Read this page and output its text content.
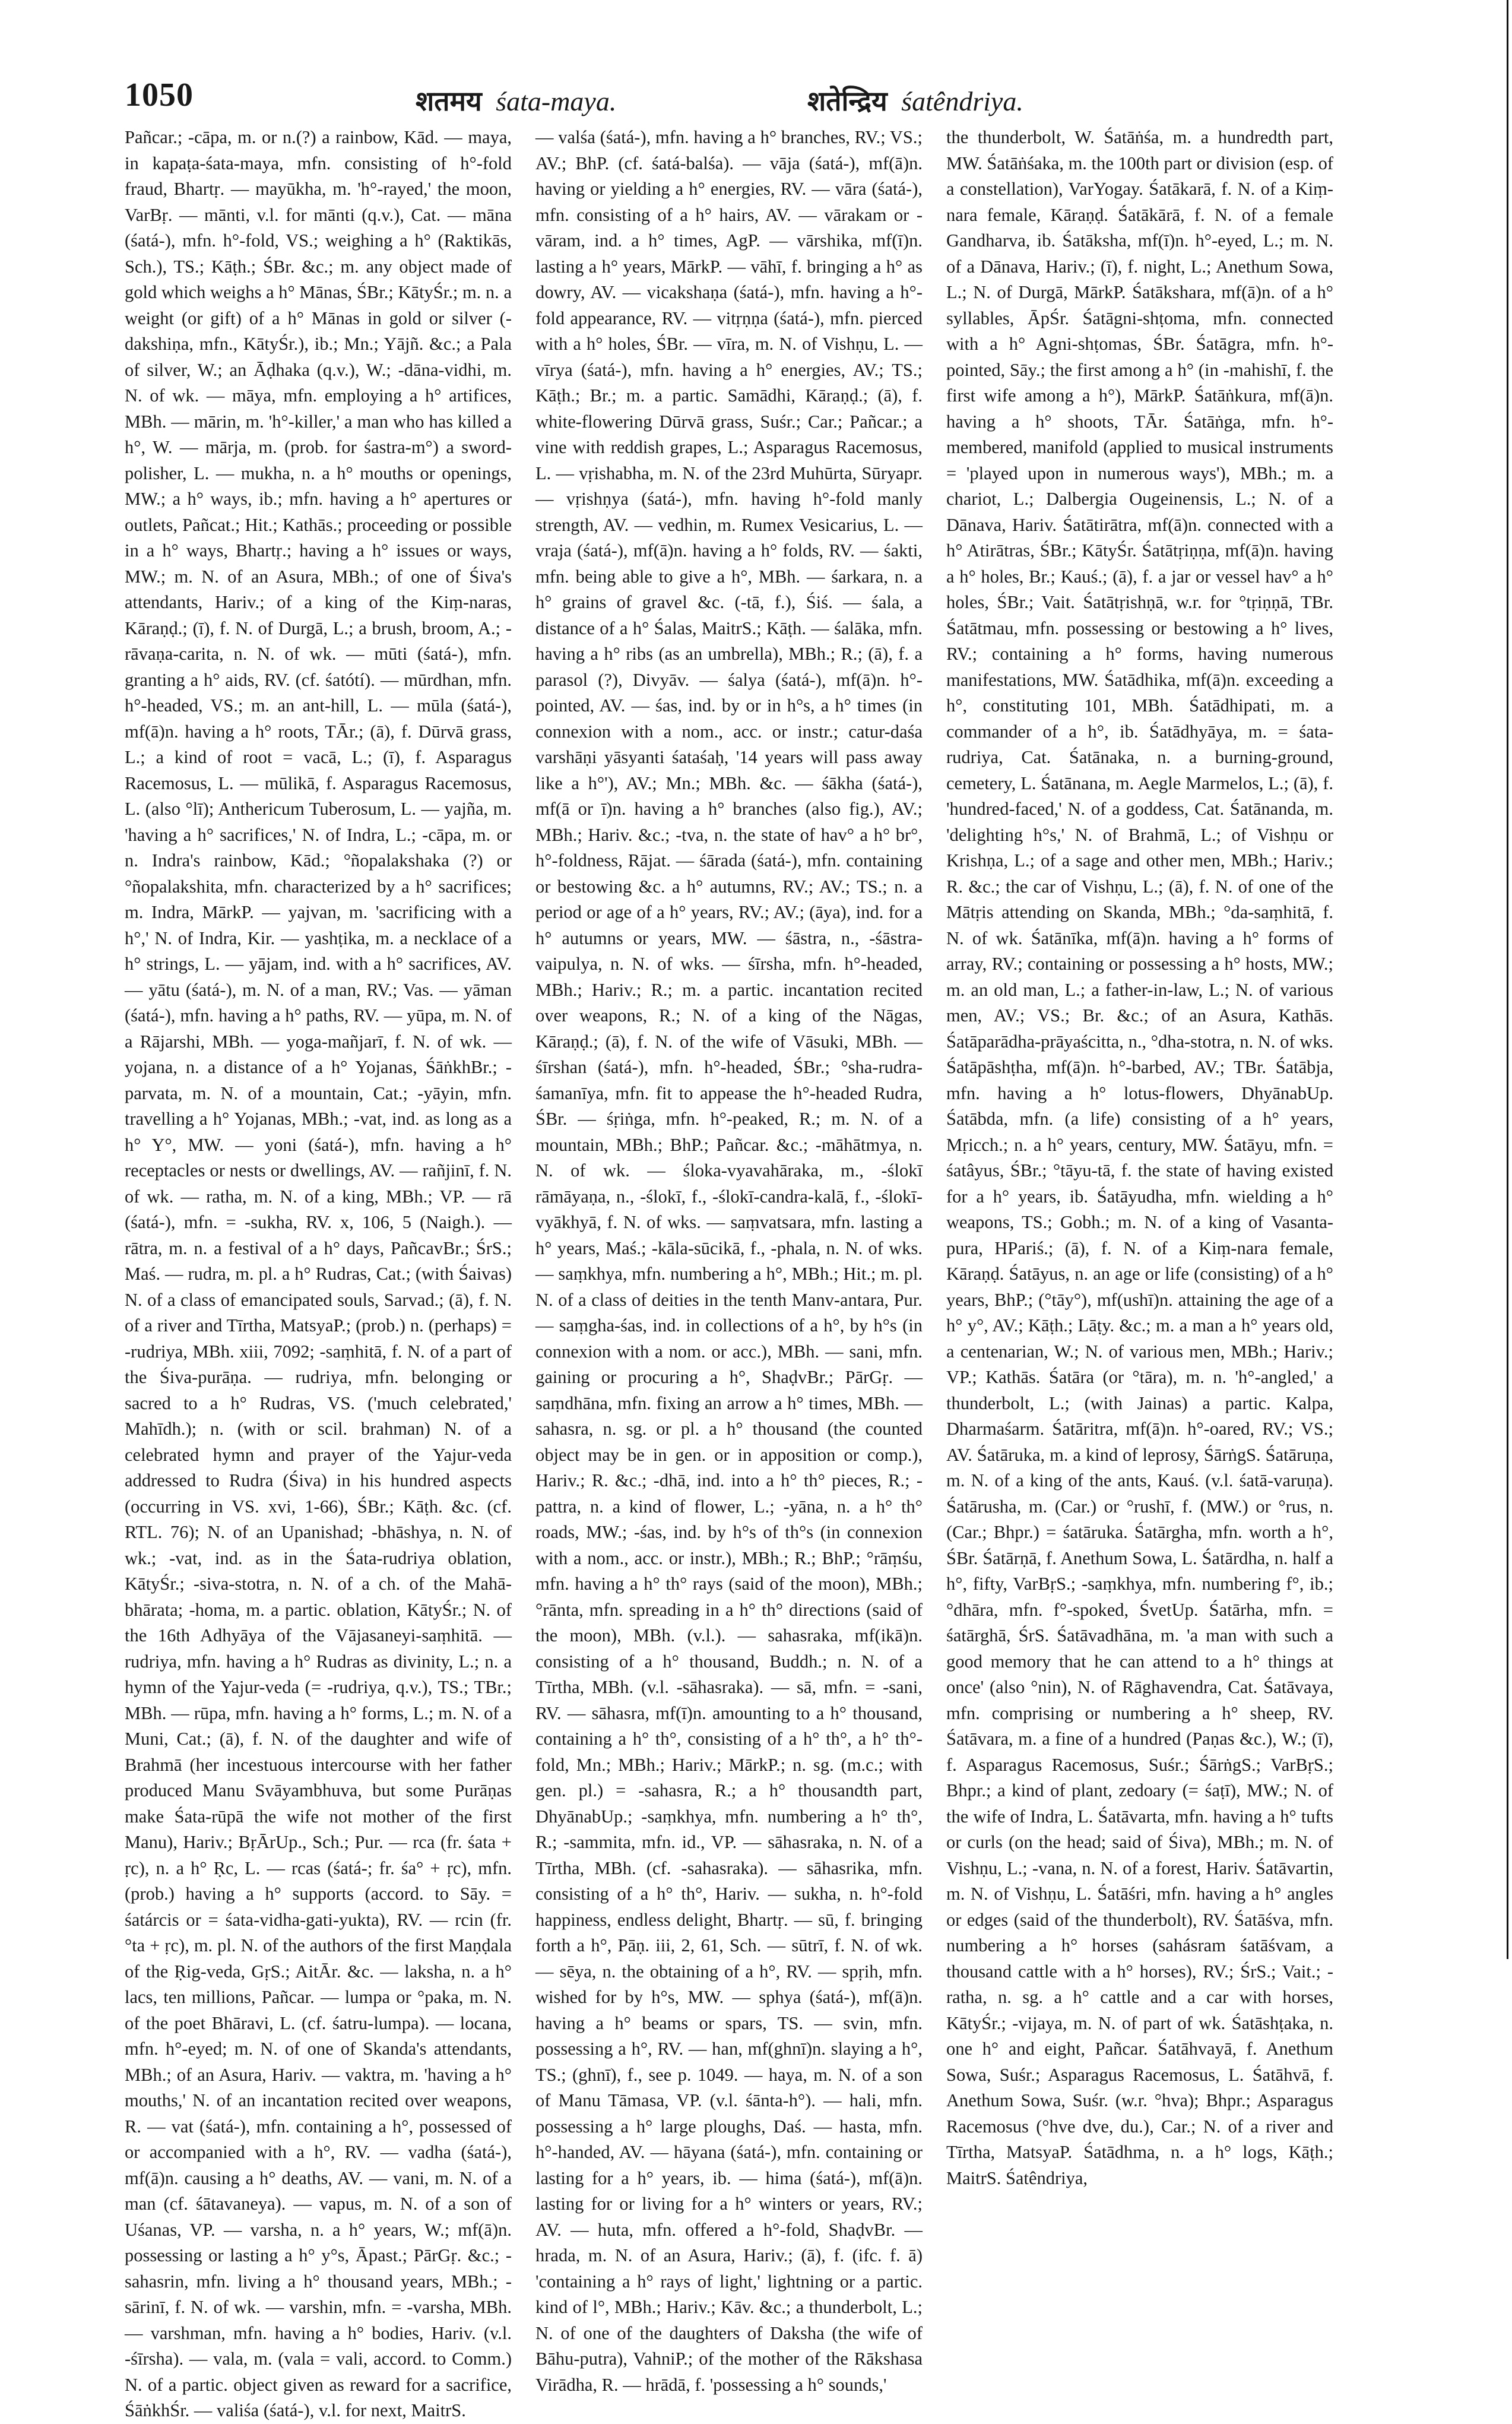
1050	शतमय śata-maya.	शतेन्द्रिय śatêndriya.

Pañcar.; -cāpa, m. or n.(?) a rainbow, Kād. — maya, in kapaṭa-śata-maya, mfn. consisting of h°-fold fraud, Bhartṛ. — mayūkha, m. 'h°-rayed,' the moon, VarBṛ. — mānti, v.l. for mānti (q.v.), Cat. — māna (śatá-), mfn. h°-fold, VS.; weighing a h° (Raktikās, Sch.), TS.; Kāṭh.; ŚBr. &c.; m. any object made of gold which weighs a h° Mānas, ŚBr.; KātyŚr.; m. n. a weight (or gift) of a h° Mānas in gold or silver (-dakshiṇa, mfn., KātyŚr.), ib.; Mn.; Yājñ. &c.; a Pala of silver, W.; an Āḍhaka (q.v.), W.; -dāna-vidhi, m. N. of wk. — māya, mfn. employing a h° artifices, MBh. — mārin, m. 'h°-killer,' a man who has killed a h°, W. — mārja, m. (prob. for śastra-m°) a sword-polisher, L. — mukha, n. a h° mouths or openings, MW.; a h° ways, ib.; mfn. having a h° apertures or outlets, Pañcat.; Hit.; Kathās.; proceeding or possible in a h° ways, Bhartṛ.; having a h° issues or ways, MW.; m. N. of an Asura, MBh.; of one of Śiva's attendants, Hariv.; of a king of the Kiṃ-naras, Kāraṇḍ.; (ī), f. N. of Durgā, L.; a brush, broom, A.; -rāvaṇa-carita, n. N. of wk. — mūti (śatá-), mfn. granting a h° aids, RV. (cf. śatótí). — mūrdhan, mfn. h°-headed, VS.; m. an ant-hill, L. — mūla (śatá-), mf(ā)n. having a h° roots, TĀr.; (ā), f. Dūrvā grass, L.; a kind of root = vacā, L.; (ī), f. Asparagus Racemosus, L. — mūlikā, f. Asparagus Racemosus, L. (also °lī); Anthericum Tuberosum, L. — yajña, m. 'having a h° sacrifices,' N. of Indra, L.; -cāpa, m. or n. Indra's rainbow, Kād.; °ñopalakshaka (?) or °ñopalakshita, mfn. characterized by a h° sacrifices; m. Indra, MārkP. — yajvan, m. 'sacrificing with a h°,' N. of Indra, Kir. — yashṭika, m. a necklace of a h° strings, L. — yājam, ind. with a h° sacrifices, AV. — yātu (śatá-), m. N. of a man, RV.; Vas. — yāman (śatá-), mfn. having a h° paths, RV. — yūpa, m. N. of a Rājarshi, MBh. — yoga-mañjarī, f. N. of wk. — yojana, n. a distance of a h° Yojanas, ŚāṅkhBr.; -parvata, m. N. of a mountain, Cat.; -yāyin, mfn. travelling a h° Yojanas, MBh.; -vat, ind. as long as a h° Y°, MW. — yoni (śatá-), mfn. having a h° receptacles or nests or dwellings, AV. — rañjinī, f. N. of wk. — ratha, m. N. of a king, MBh.; VP. — rā (śatá-), mfn. = -sukha, RV. x, 106, 5 (Naigh.). — rātra, m. n. a festival of a h° days, PañcavBr.; ŚrS.; Maś. — rudra, m. pl. a h° Rudras, Cat.; (with Śaivas) N. of a class of emancipated souls, Sarvad.; (ā), f. N. of a river and Tīrtha, MatsyaP.; (prob.) n. (perhaps) = -rudriya, MBh. xiii, 7092; -saṃhitā, f. N. of a part of the Śiva-purāṇa. — rudriya, mfn. belonging or sacred to a h° Rudras, VS. ('much celebrated,' Mahīdh.); n. (with or scil. brahman) N. of a celebrated hymn and prayer of the Yajur-veda addressed to Rudra (Śiva) in his hundred aspects (occurring in VS. xvi, 1-66), ŚBr.; Kāṭh. &c. (cf. RTL. 76); N. of an Upanishad; -bhāshya, n. N. of wk.; -vat, ind. as in the Śata-rudriya oblation, KātyŚr.; -siva-stotra, n. N. of a ch. of the Mahā-bhārata; -homa, m. a partic. oblation, KātyŚr.; N. of the 16th Adhyāya of the Vājasaneyi-saṃhitā. — rudriya, mfn. having a h° Rudras as divinity, L.; n. a hymn of the Yajur-veda (= -rudriya, q.v.), TS.; TBr.; MBh. — rūpa, mfn. having a h° forms, L.; m. N. of a Muni, Cat.; (ā), f. N. of the daughter and wife of Brahmā (her incestuous intercourse with her father produced Manu Svāyambhuva, but some Purāṇas make Śata-rūpā the wife not mother of the first Manu), Hariv.; BṛĀrUp., Sch.; Pur. — rca (fr. śata + ṛc), n. a h° Ṛc, L. — rcas (śatá-; fr. śa° + ṛc), mfn. (prob.) having a h° supports (accord. to Sāy. = śatárcis or = śata-vidha-gati-yukta), RV. — rcin (fr. °ta + ṛc), m. pl. N. of the authors of the first Maṇḍala of the Ṛig-veda, GṛS.; AitĀr. &c. — laksha, n. a h° lacs, ten millions, Pañcar. — lumpa or °paka, m. N. of the poet Bhāravi, L. (cf. śatru-lumpa). — locana, mfn. h°-eyed; m. N. of one of Skanda's attendants, MBh.; of an Asura, Hariv. — vaktra, m. 'having a h° mouths,' N. of an incantation recited over weapons, R. — vat (śatá-), mfn. containing a h°, possessed of or accompanied with a h°, RV. — vadha (śatá-), mf(ā)n. causing a h° deaths, AV. — vani, m. N. of a man (cf. śātavaneya). — vapus, m. N. of a son of Uśanas, VP. — varsha, n. a h° years, W.; mf(ā)n. possessing or lasting a h° y°s, Āpast.; PārGṛ. &c.; -sahasrin, mfn. living a h° thousand years, MBh.; -sārinī, f. N. of wk. — varshin, mfn. = -varsha, MBh. — varshman, mfn. having a h° bodies, Hariv. (v.l. -śīrsha). — vala, m. (vala = vali, accord. to Comm.) N. of a partic. object given as reward for a sacrifice, ŚāṅkhŚr. — valiśa (śatá-), v.l. for next, MaitrS.

— valśa (śatá-), mfn. having a h° branches, RV.; VS.; AV.; BhP. (cf. śatá-balśa). — vāja (śatá-), mf(ā)n. having or yielding a h° energies, RV. — vāra (śatá-), mfn. consisting of a h° hairs, AV. — vārakam or -vāram, ind. a h° times, AgP. — vārshika, mf(ī)n. lasting a h° years, MārkP. — vāhī, f. bringing a h° as dowry, AV. — vicakshaṇa (śatá-), mfn. having a h°-fold appearance, RV. — vitṛṇṇa (śatá-), mfn. pierced with a h° holes, ŚBr. — vīra, m. N. of Vishṇu, L. — vīrya (śatá-), mfn. having a h° energies, AV.; TS.; Kāṭh.; Br.; m. a partic. Samādhi, Kāraṇḍ.; (ā), f. white-flowering Dūrvā grass, Suśr.; Car.; Pañcar.; a vine with reddish grapes, L.; Asparagus Racemosus, L. — vṛishabha, m. N. of the 23rd Muhūrta, Sūryapr. — vṛishṇya (śatá-), mfn. having h°-fold manly strength, AV. — vedhin, m. Rumex Vesicarius, L. — vraja (śatá-), mf(ā)n. having a h° folds, RV. — śakti, mfn. being able to give a h°, MBh. — śarkara, n. a h° grains of gravel &c. (-tā, f.), Śiś. — śala, a distance of a h° Śalas, MaitrS.; Kāṭh. — śalāka, mfn. having a h° ribs (as an umbrella), MBh.; R.; (ā), f. a parasol (?), Divyāv. — śalya (śatá-), mf(ā)n. h°-pointed, AV. — śas, ind. by or in h°s, a h° times (in connexion with a nom., acc. or instr.; catur-daśa varshāṇi yāsyanti śataśaḥ, '14 years will pass away like a h°'), AV.; Mn.; MBh. &c. — śākha (śatá-), mf(ā or ī)n. having a h° branches (also fig.), AV.; MBh.; Hariv. &c.; -tva, n. the state of hav° a h° br°, h°-foldness, Rājat. — śārada (śatá-), mfn. containing or bestowing &c. a h° autumns, RV.; AV.; TS.; n. a period or age of a h° years, RV.; AV.; (āya), ind. for a h° autumns or years, MW. — śāstra, n., -śāstra-vaipulya, n. N. of wks. — śīrsha, mfn. h°-headed, MBh.; Hariv.; R.; m. a partic. incantation recited over weapons, R.; N. of a king of the Nāgas, Kāraṇḍ.; (ā), f. N. of the wife of Vāsuki, MBh. — śīrshan (śatá-), mfn. h°-headed, ŚBr.; °sha-rudra-śamanīya, mfn. fit to appease the h°-headed Rudra, ŚBr. — śṛiṅga, mfn. h°-peaked, R.; m. N. of a mountain, MBh.; BhP.; Pañcar. &c.; -māhātmya, n. N. of wk. — śloka-vyavahāraka, m., -ślokī rāmāyaṇa, n., -ślokī, f., -ślokī-candra-kalā, f., -ślokī-vyākhyā, f. N. of wks. — saṃvatsara, mfn. lasting a h° years, Maś.; -kāla-sūcikā, f., -phala, n. N. of wks. — saṃkhya, mfn. numbering a h°, MBh.; Hit.; m. pl. N. of a class of deities in the tenth Manv-antara, Pur. — saṃgha-śas, ind. in collections of a h°, by h°s (in connexion with a nom. or acc.), MBh. — sani, mfn. gaining or procuring a h°, ShaḍvBr.; PārGṛ. — saṃdhāna, mfn. fixing an arrow a h° times, MBh. — sahasra, n. sg. or pl. a h° thousand (the counted object may be in gen. or in apposition or comp.), Hariv.; R. &c.; -dhā, ind. into a h° th° pieces, R.; -pattra, n. a kind of flower, L.; -yāna, n. a h° th° roads, MW.; -śas, ind. by h°s of th°s (in connexion with a nom., acc. or instr.), MBh.; R.; BhP.; °rāṃśu, mfn. having a h° th° rays (said of the moon), MBh.; °rānta, mfn. spreading in a h° th° directions (said of the moon), MBh. (v.l.). — sahasraka, mf(ikā)n. consisting of a h° thousand, Buddh.; n. N. of a Tīrtha, MBh. (v.l. -sāhasraka). — sā, mfn. = -sani, RV. — sāhasra, mf(ī)n. amounting to a h° thousand, containing a h° th°, consisting of a h° th°, a h° th°-fold, Mn.; MBh.; Hariv.; MārkP.; n. sg. (m.c.; with gen. pl.) = -sahasra, R.; a h° thousandth part, DhyānabUp.; -saṃkhya, mfn. numbering a h° th°, R.; -sammita, mfn. id., VP. — sāhasraka, n. N. of a Tīrtha, MBh. (cf. -sahasraka). — sāhasrika, mfn. consisting of a h° th°, Hariv. — sukha, n. h°-fold happiness, endless delight, Bhartṛ. — sū, f. bringing forth a h°, Pāṇ. iii, 2, 61, Sch. — sūtrī, f. N. of wk. — sēya, n. the obtaining of a h°, RV. — spṛih, mfn. wished for by h°s, MW. — sphya (śatá-), mf(ā)n. having a h° beams or spars, TS. — svin, mfn. possessing a h°, RV. — han, mf(ghnī)n. slaying a h°, TS.; (ghnī), f., see p. 1049. — haya, m. N. of a son of Manu Tāmasa, VP. (v.l. śānta-h°). — hali, mfn. possessing a h° large ploughs, Daś. — hasta, mfn. h°-handed, AV. — hāyana (śatá-), mfn. containing or lasting for a h° years, ib. — hima (śatá-), mf(ā)n. lasting for or living for a h° winters or years, RV.; AV. — huta, mfn. offered a h°-fold, ShaḍvBr. — hrada, m. N. of an Asura, Hariv.; (ā), f. (ifc. f. ā) 'containing a h° rays of light,' lightning or a partic. kind of l°, MBh.; Hariv.; Kāv. &c.; a thunderbolt, L.; N. of one of the daughters of Daksha (the wife of Bāhu-putra), VahniP.; of the mother of the Rākshasa Virādha, R. — hrādā, f. 'possessing a h° sounds,'

the thunderbolt, W. Śatāṅśa, m. a hundredth part, MW. Śatāṅśaka, m. the 100th part or division (esp. of a constellation), VarYogay. Śatākarā, f. N. of a Kiṃ-nara female, Kāraṇḍ. Śatākārā, f. N. of a female Gandharva, ib. Śatāksha, mf(ī)n. h°-eyed, L.; m. N. of a Dānava, Hariv.; (ī), f. night, L.; Anethum Sowa, L.; N. of Durgā, MārkP. Śatākshara, mf(ā)n. of a h° syllables, ĀpŚr. Śatāgni-shṭoma, mfn. connected with a h° Agni-shṭomas, ŚBr. Śatāgra, mfn. h°-pointed, Sāy.; the first among a h° (in -mahishī, f. the first wife among a h°), MārkP. Śatāṅkura, mf(ā)n. having a h° shoots, TĀr. Śatāṅga, mfn. h°-membered, manifold (applied to musical instruments = 'played upon in numerous ways'), MBh.; m. a chariot, L.; Dalbergia Ougeinensis, L.; N. of a Dānava, Hariv. Śatātirātra, mf(ā)n. connected with a h° Atirātras, ŚBr.; KātyŚr. Śatātṛiṇṇa, mf(ā)n. having a h° holes, Br.; Kauś.; (ā), f. a jar or vessel hav° a h° holes, ŚBr.; Vait. Śatātṛishṇā, w.r. for °tṛiṇṇā, TBr. Śatātmau, mfn. possessing or bestowing a h° lives, RV.; containing a h° forms, having numerous manifestations, MW. Śatādhika, mf(ā)n. exceeding a h°, constituting 101, MBh. Śatādhipati, m. a commander of a h°, ib. Śatādhyāya, m. = śata-rudriya, Cat. Śatānaka, n. a burning-ground, cemetery, L. Śatānana, m. Aegle Marmelos, L.; (ā), f. 'hundred-faced,' N. of a goddess, Cat. Śatānanda, m. 'delighting h°s,' N. of Brahmā, L.; of Vishṇu or Krishṇa, L.; of a sage and other men, MBh.; Hariv.; R. &c.; the car of Vishṇu, L.; (ā), f. N. of one of the Mātṛis attending on Skanda, MBh.; °da-saṃhitā, f. N. of wk. Śatānīka, mf(ā)n. having a h° forms of array, RV.; containing or possessing a h° hosts, MW.; m. an old man, L.; a father-in-law, L.; N. of various men, AV.; VS.; Br. &c.; of an Asura, Kathās. Śatāparādha-prāyaścitta, n., °dha-stotra, n. N. of wks. Śatāpāshṭha, mf(ā)n. h°-barbed, AV.; TBr. Śatābja, mfn. having a h° lotus-flowers, DhyānabUp. Śatābda, mfn. (a life) consisting of a h° years, Mṛicch.; n. a h° years, century, MW. Śatāyu, mfn. = śatâyus, ŚBr.; °tāyu-tā, f. the state of having existed for a h° years, ib. Śatāyudha, mfn. wielding a h° weapons, TS.; Gobh.; m. N. of a king of Vasanta-pura, HPariś.; (ā), f. N. of a Kiṃ-nara female, Kāraṇḍ. Śatāyus, n. an age or life (consisting) of a h° years, BhP.; (°tāy°), mf(ushī)n. attaining the age of a h° y°, AV.; Kāṭh.; Lāṭy. &c.; m. a man a h° years old, a centenarian, W.; N. of various men, MBh.; Hariv.; VP.; Kathās. Śatāra (or °tāra), m. n. 'h°-angled,' a thunderbolt, L.; (with Jainas) a partic. Kalpa, Dharmaśarm. Śatāritra, mf(ā)n. h°-oared, RV.; VS.; AV. Śatāruka, m. a kind of leprosy, ŚārṅgS. Śatāruṇa, m. N. of a king of the ants, Kauś. (v.l. śatā-varuṇa). Śatārusha, m. (Car.) or °rushī, f. (MW.) or °rus, n. (Car.; Bhpr.) = śatāruka. Śatārgha, mfn. worth a h°, ŚBr. Śatārṇā, f. Anethum Sowa, L. Śatārdha, n. half a h°, fifty, VarBṛS.; -saṃkhya, mfn. numbering f°, ib.; °dhāra, mfn. f°-spoked, ŚvetUp. Śatārha, mfn. = śatārghā, ŚrS. Śatāvadhāna, m. 'a man with such a good memory that he can attend to a h° things at once' (also °nin), N. of Rāghavendra, Cat. Śatāvaya, mfn. comprising or numbering a h° sheep, RV. Śatāvara, m. a fine of a hundred (Paṇas &c.), W.; (ī), f. Asparagus Racemosus, Suśr.; ŚārṅgS.; VarBṛS.; Bhpr.; a kind of plant, zedoary (= śaṭī), MW.; N. of the wife of Indra, L. Śatāvarta, mfn. having a h° tufts or curls (on the head; said of Śiva), MBh.; m. N. of Vishṇu, L.; -vana, n. N. of a forest, Hariv. Śatāvartin, m. N. of Vishṇu, L. Śatāśri, mfn. having a h° angles or edges (said of the thunderbolt), RV. Śatāśva, mfn. numbering a h° horses (sahásram śatāśvam, a thousand cattle with a h° horses), RV.; ŚrS.; Vait.; -ratha, n. sg. a h° cattle and a car with horses, KātyŚr.; -vijaya, m. N. of part of wk. Śatāshṭaka, n. one h° and eight, Pañcar. Śatāhvayā, f. Anethum Sowa, Suśr.; Asparagus Racemosus, L. Śatāhvā, f. Anethum Sowa, Suśr. (w.r. °hva); Bhpr.; Asparagus Racemosus (°hve dve, du.), Car.; N. of a river and Tīrtha, MatsyaP. Śatādhma, n. a h° logs, Kāṭh.; MaitrS. Śatêndriya,
